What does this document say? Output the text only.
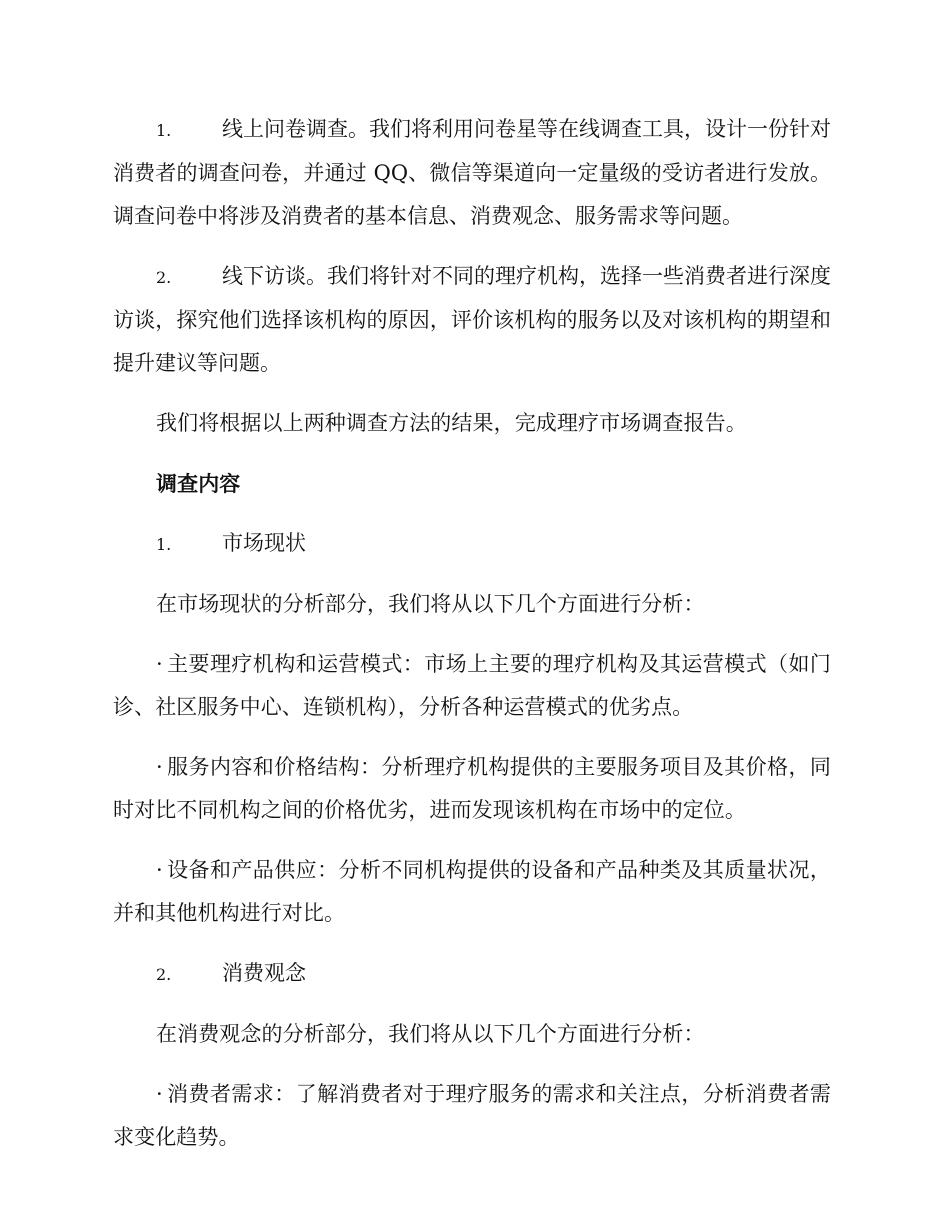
1. 线上问卷调查。我们将利用问卷星等在线调查工具，设计一份针对消费者的调查问卷，并通过 QQ、微信等渠道向一定量级的受访者进行发放。调查问卷中将涉及消费者的基本信息、消费观念、服务需求等问题。

2. 线下访谈。我们将针对不同的理疗机构，选择一些消费者进行深度访谈，探究他们选择该机构的原因，评价该机构的服务以及对该机构的期望和提升建议等问题。

我们将根据以上两种调查方法的结果，完成理疗市场调查报告。

调查内容

1. 市场现状

在市场现状的分析部分，我们将从以下几个方面进行分析：

· 主要理疗机构和运营模式：市场上主要的理疗机构及其运营模式（如门诊、社区服务中心、连锁机构），分析各种运营模式的优劣点。

· 服务内容和价格结构：分析理疗机构提供的主要服务项目及其价格，同时对比不同机构之间的价格优劣，进而发现该机构在市场中的定位。

· 设备和产品供应：分析不同机构提供的设备和产品种类及其质量状况，并和其他机构进行对比。

2. 消费观念

在消费观念的分析部分，我们将从以下几个方面进行分析：

· 消费者需求：了解消费者对于理疗服务的需求和关注点，分析消费者需求变化趋势。
